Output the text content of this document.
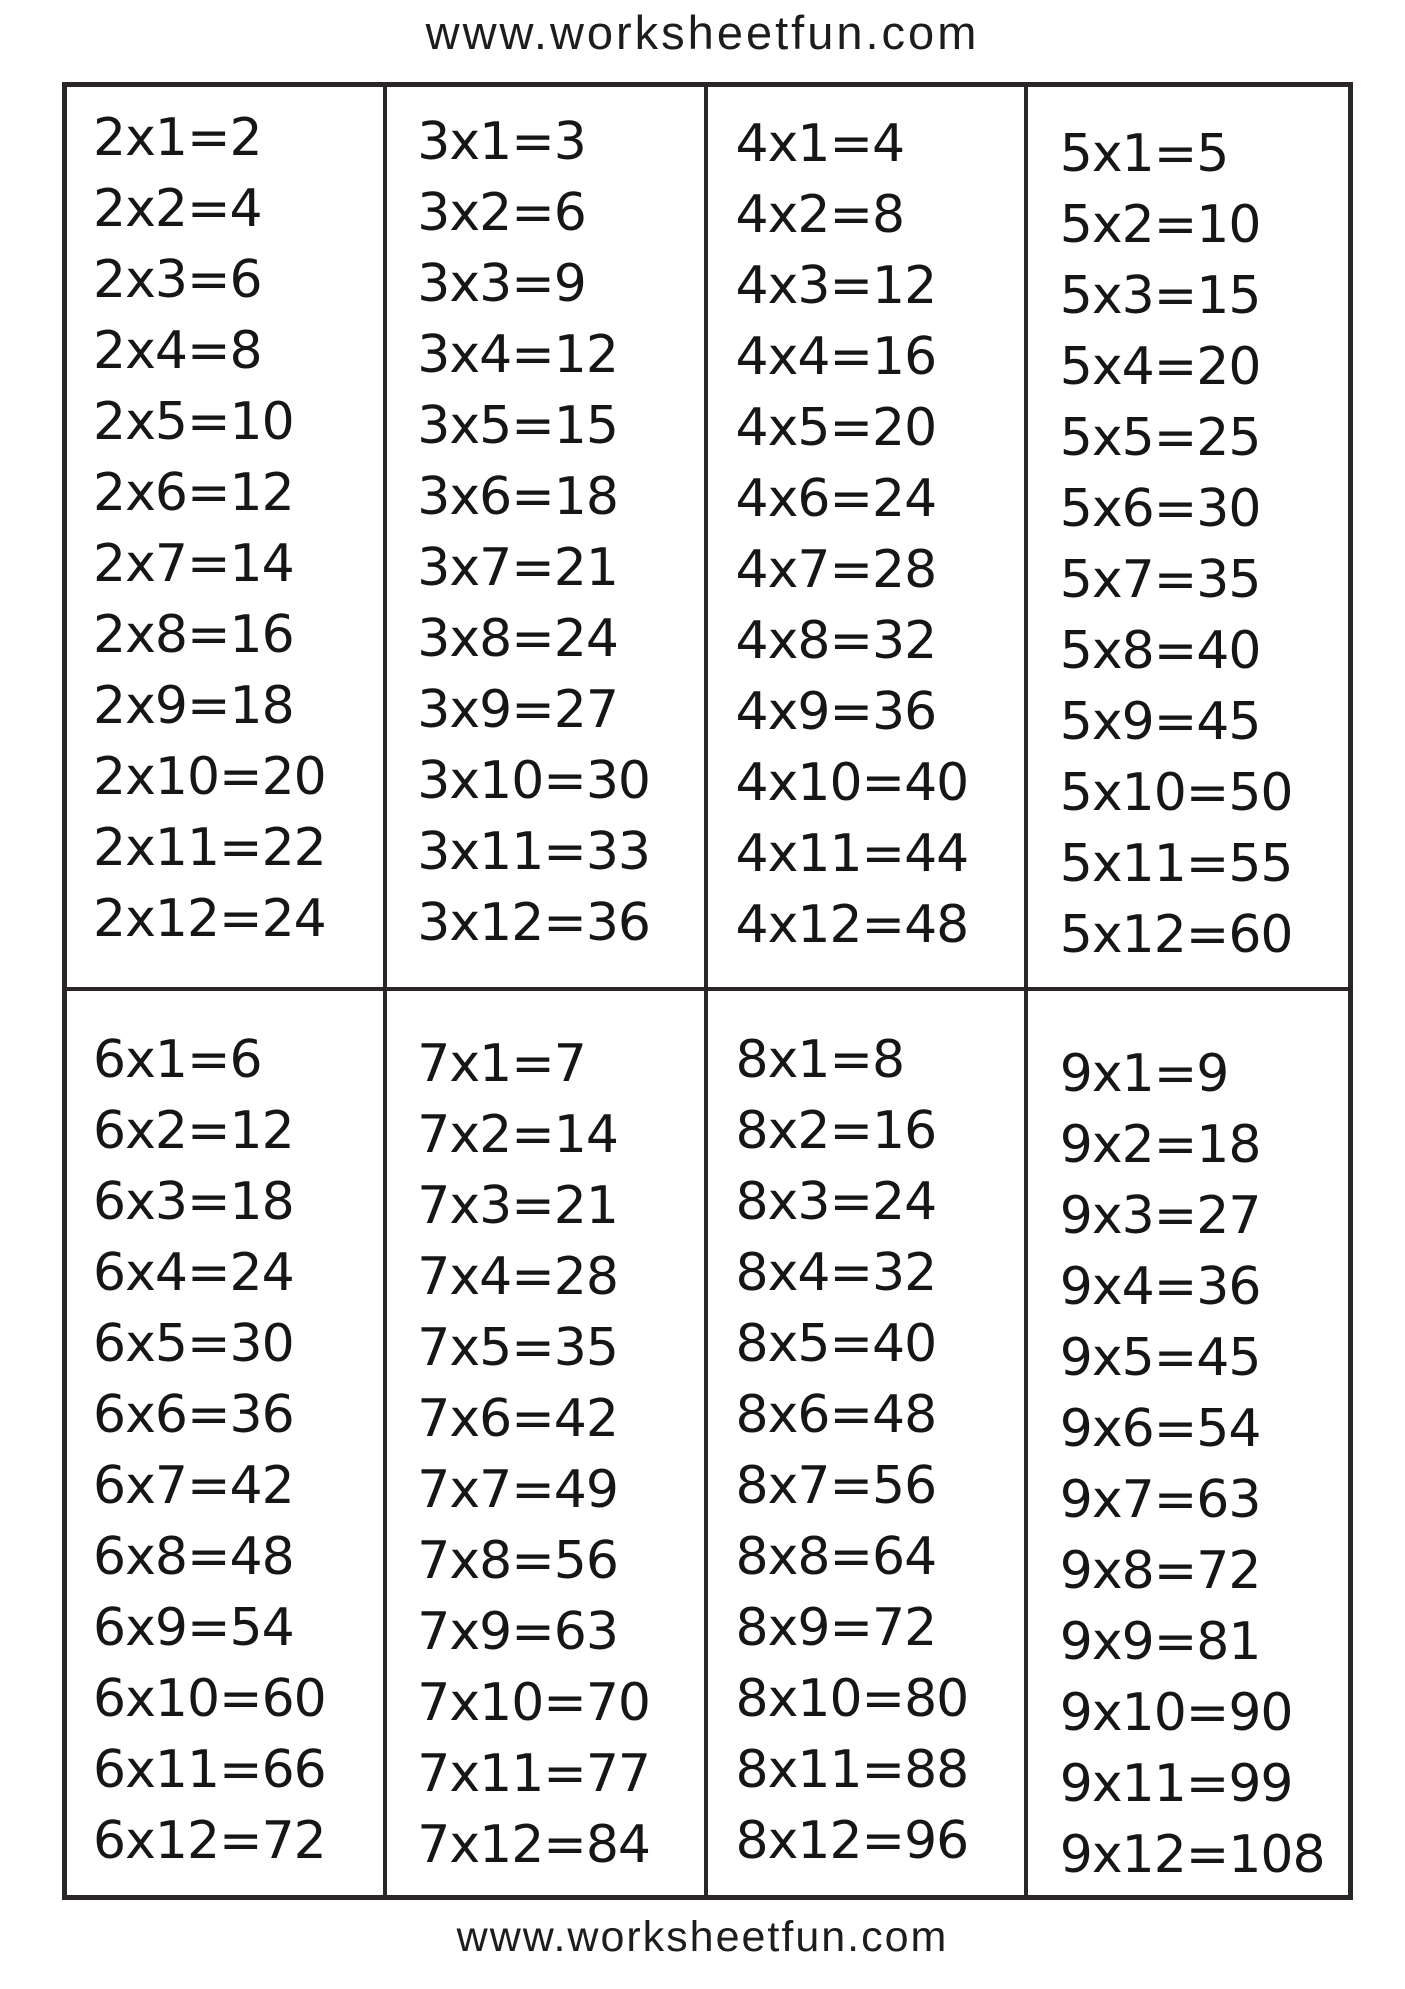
www.worksheetfun.com
2x1=2
2x2=4
2x3=6
2x4=8
2x5=10
2x6=12
2x7=14
2x8=16
2x9=18
2x10=20
2x11=22
2x12=24
3x1=3
3x2=6
3x3=9
3x4=12
3x5=15
3x6=18
3x7=21
3x8=24
3x9=27
3x10=30
3x11=33
3x12=36
4x1=4
4x2=8
4x3=12
4x4=16
4x5=20
4x6=24
4x7=28
4x8=32
4x9=36
4x10=40
4x11=44
4x12=48
5x1=5
5x2=10
5x3=15
5x4=20
5x5=25
5x6=30
5x7=35
5x8=40
5x9=45
5x10=50
5x11=55
5x12=60
6x1=6
6x2=12
6x3=18
6x4=24
6x5=30
6x6=36
6x7=42
6x8=48
6x9=54
6x10=60
6x11=66
6x12=72
7x1=7
7x2=14
7x3=21
7x4=28
7x5=35
7x6=42
7x7=49
7x8=56
7x9=63
7x10=70
7x11=77
7x12=84
8x1=8
8x2=16
8x3=24
8x4=32
8x5=40
8x6=48
8x7=56
8x8=64
8x9=72
8x10=80
8x11=88
8x12=96
9x1=9
9x2=18
9x3=27
9x4=36
9x5=45
9x6=54
9x7=63
9x8=72
9x9=81
9x10=90
9x11=99
9x12=108
www.worksheetfun.com
